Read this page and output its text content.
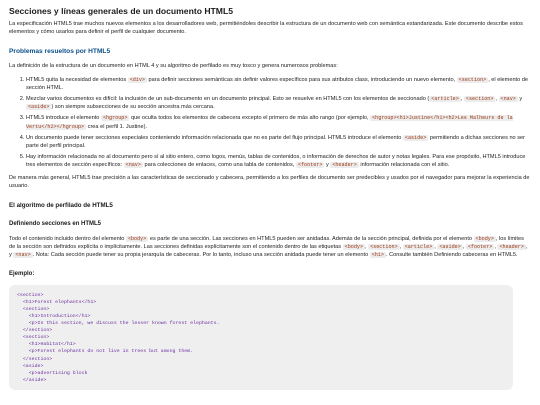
Secciones y líneas generales de un documento HTML5

La especificación HTML5 trae muchos nuevos elementos a los desarrolladores web, permitiéndoles describir la estructura de un documento web con semántica estandarizada. Este documento describe estos elementos y cómo usarlos para definir el perfil de cualquier documento.

Problemas resueltos por HTML5

La definición de la estructura de un documento en HTML 4 y su algoritmo de perfilado es muy tosco y genera numerosos problemas:

1. HTML5 quita la necesidad de elementos <div> para definir secciones semánticas sin definir valores específicos para sus atributos class, introduciendo un nuevo elemento, <section> , el elemento de sección HTML.
2. Mezclar varios documentos es difícil: la inclusión de un sub-documento en un documento principal. Esto se resuelve en HTML5 con los elementos de seccionado ( <article> , <section> , <nav> y <aside> ) son siempre subsecciones de su sección ancestra más cercana.
3. HTML5 introduce el elemento <hgroup> que oculta todos los elementos de cabecera excepto el primero de más alto rango (por ejemplo, <hgroup><h1>Justine</h1><h2>Les Malheurs de la Vertu</h2></hgroup> crea el perfil 1. Justine).
4. Un documento puede tener secciones especiales conteniendo información relacionada que no es parte del flujo principal. HTML5 introduce el elemento <aside> permitiendo a dichas secciones no ser parte del perfil principal.
5. Hay información relacionada no al documento pero sí al sitio entero, como logos, menús, tablas de contenidos, o información de derechos de autor y notas legales. Para ese propósito, HTML5 introduce tres elementos de sección específicos: <nav> para colecciones de enlaces, como una tabla de contenidos, <footer> y <header> información relacionada con el sitio.

De manera más general, HTML5 trae precisión a las características de seccionado y cabecera, permitiendo a los perfiles de documento ser predecibles y usados por el navegador para mejorar la experiencia de usuario.

El algoritmo de perfilado de HTML5
Definiendo secciones en HTML5

Todo el contenido incluido dentro del elemento <body> es parte de una sección. Las secciones en HTML5 pueden ser anidadas. Además de la sección principal, definida por el elemento <body> , los límites de la sección son definidos explícita o implícitamente. Las secciones definidas explícitamente son el contenido dentro de las etiquetas <body> , <section> , <article> , <aside> , <footer> , <header> , y <nav> . Nota: Cada sección puede tener su propia jerarquía de cabeceras. Por lo tanto, incluso una sección anidada puede tener un elemento <h1> . Consulte también Definiendo cabeceras en HTML5.

Ejemplo:
<section>
<h1>Forest elephants</h1>
<section>
<h1>Introduction</h1>
<p>In this section, we discuss the lesser known forest elephants.
</section>
<section>
<h1>Habitat</h1>
<p>Forest elephants do not live in trees but among them.
</section>
<aside>
<p>advertising block
</aside>
